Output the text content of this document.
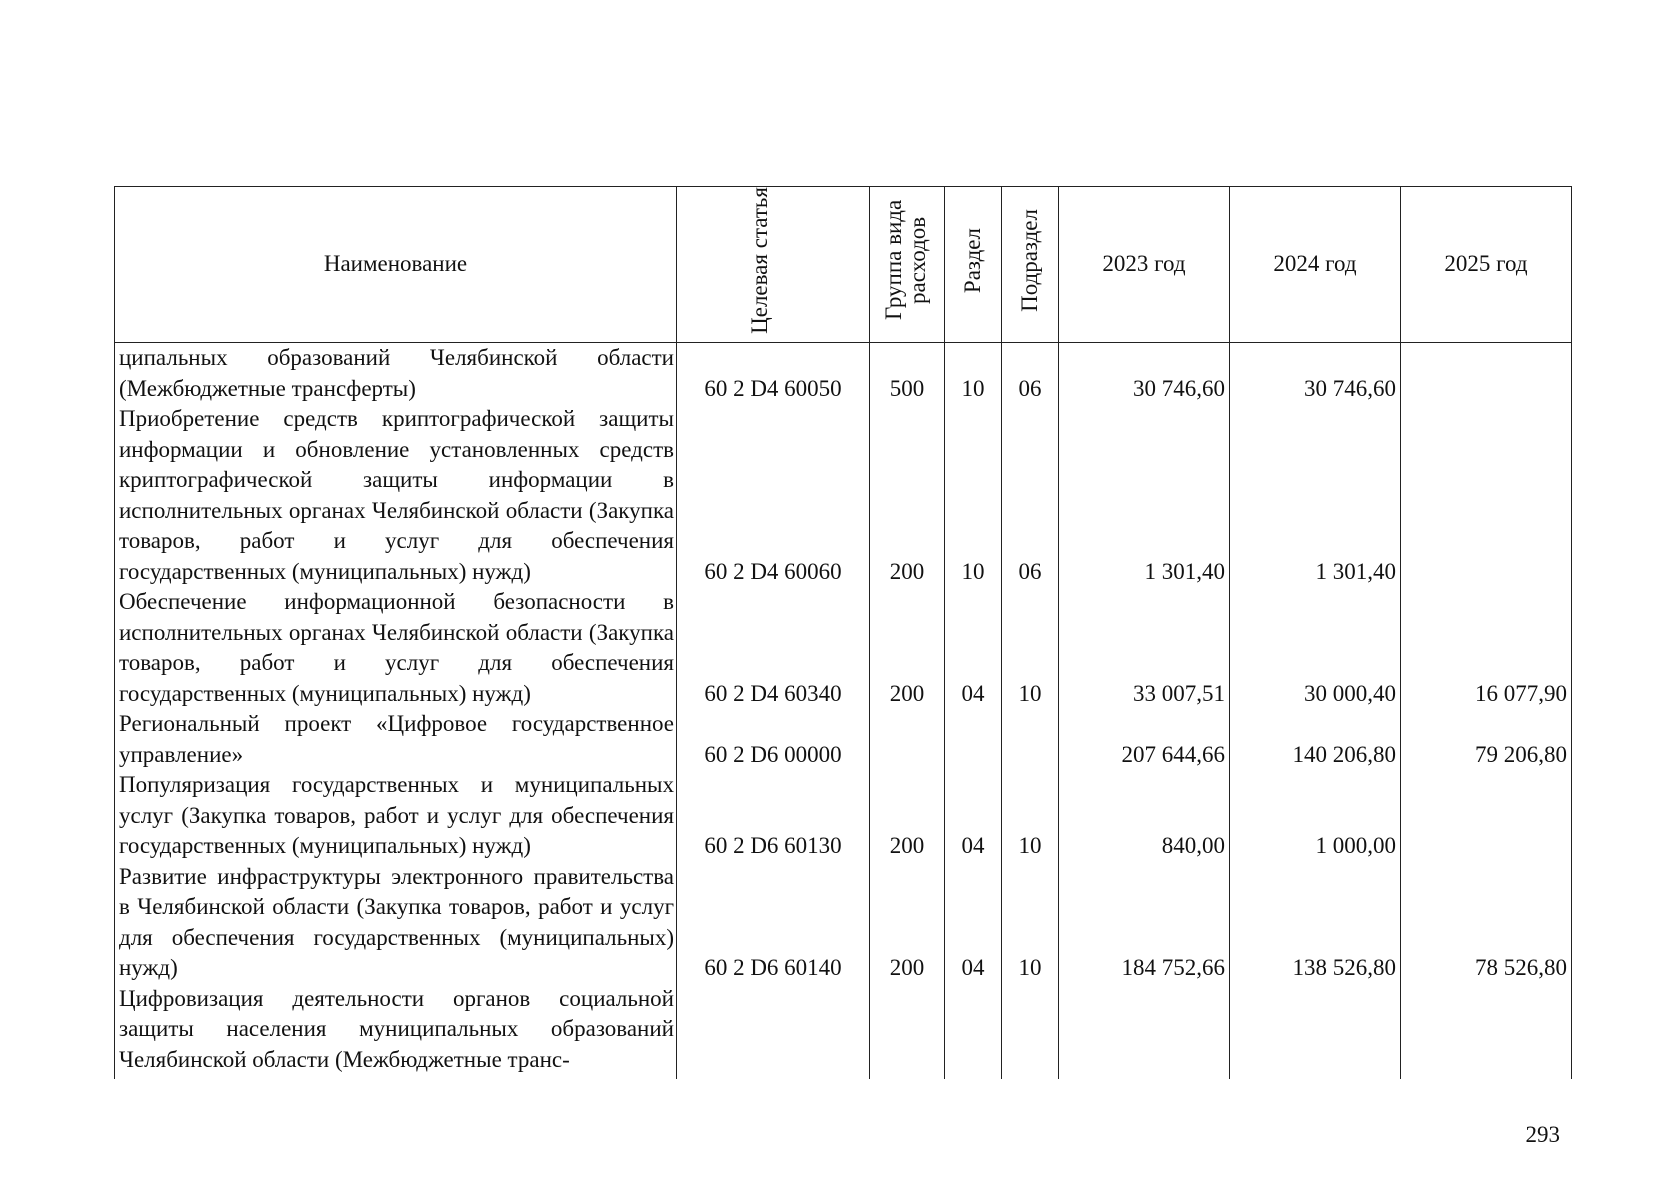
Наименование	Целевая статья	Группа вида расходов	Раздел	Подраздел	2023 год	2024 год	2025 год
ципальных образований Челябинской области (Межбюджетные трансферты)	60 2 D4 60050	500	10	06	30 746,60	30 746,60	
Приобретение средств криптографической защиты информации и обновление установленных средств криптографической защиты информации в исполнительных органах Челябинской области (Закупка товаров, работ и услуг для обеспечения государственных (муниципальных) нужд)	60 2 D4 60060	200	10	06	1 301,40	1 301,40	
Обеспечение информационной безопасности в исполнительных органах Челябинской области (Закупка товаров, работ и услуг для обеспечения государственных (муниципальных) нужд)	60 2 D4 60340	200	04	10	33 007,51	30 000,40	16 077,90
Региональный проект «Цифровое государственное управление»	60 2 D6 00000				207 644,66	140 206,80	79 206,80
Популяризация государственных и муниципальных услуг (Закупка товаров, работ и услуг для обеспечения государственных (муниципальных) нужд)	60 2 D6 60130	200	04	10	840,00	1 000,00	
Развитие инфраструктуры электронного правительства в Челябинской области (Закупка товаров, работ и услуг для обеспечения государственных (муниципальных) нужд)	60 2 D6 60140	200	04	10	184 752,66	138 526,80	78 526,80
Цифровизация деятельности органов социальной защиты населения муниципальных образований Челябинской области (Межбюджетные транс-							

293
